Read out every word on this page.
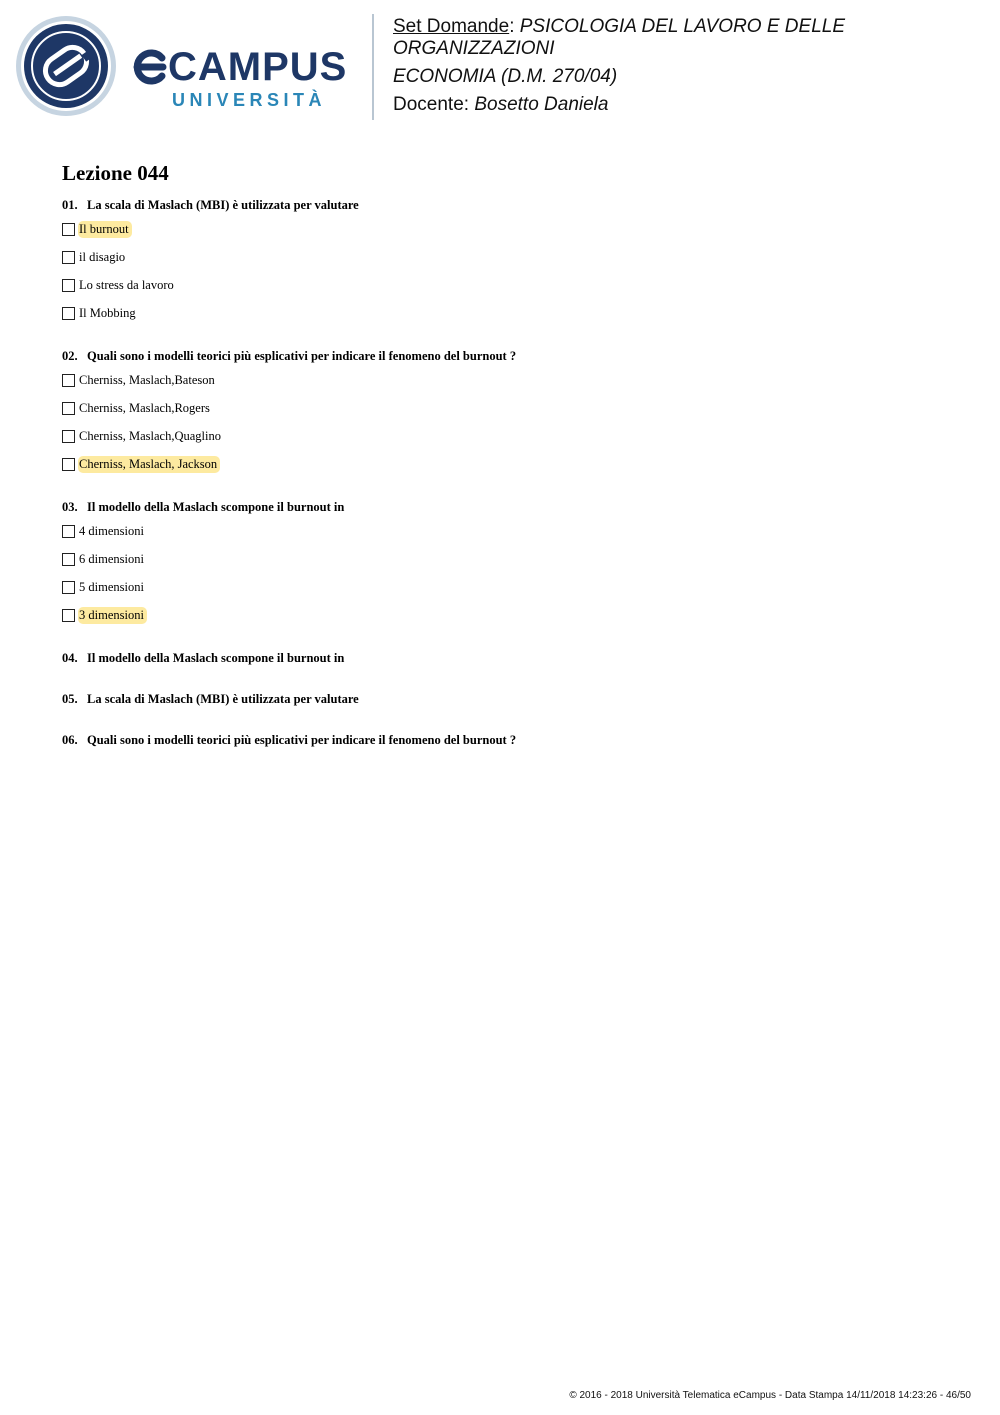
CAMPUS
UNIVERSITÀ
Set Domande: PSICOLOGIA DEL LAVORO E DELLE ORGANIZZAZIONI
ECONOMIA (D.M. 270/04)
Docente: Bosetto Daniela
Lezione 044
01. La scala di Maslach (MBI) è utilizzata per valutare
Il burnout
il disagio
Lo stress da lavoro
Il Mobbing
02. Quali sono i modelli teorici più esplicativi per indicare il fenomeno del burnout ?
Cherniss, Maslach,Bateson
Cherniss, Maslach,Rogers
Cherniss, Maslach,Quaglino
Cherniss, Maslach, Jackson
03. Il modello della Maslach scompone il burnout in
4 dimensioni
6 dimensioni
5 dimensioni
3 dimensioni
04. Il modello della Maslach scompone il burnout in
05. La scala di Maslach (MBI) è utilizzata per valutare
06. Quali sono i modelli teorici più esplicativi per indicare il fenomeno del burnout ?
© 2016 - 2018 Università Telematica eCampus - Data Stampa 14/11/2018 14:23:26 - 46/50
